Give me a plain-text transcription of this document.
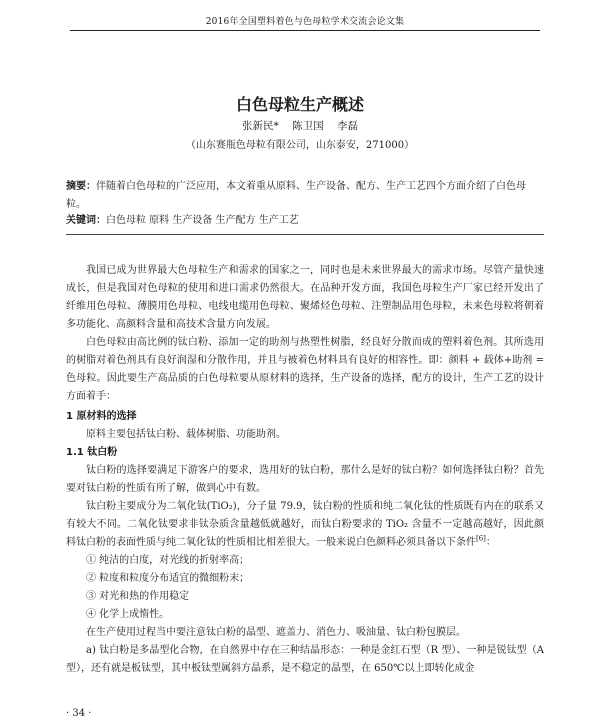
2016年全国塑料着色与色母粒学术交流会论文集
白色母粒生产概述
张新民* 陈卫国 李磊
（山东赛瓶色母粒有限公司，山东泰安，271000）
摘要：伴随着白色母粒的广泛应用，本文着重从原料、生产设备、配方、生产工艺四个方面介绍了白色母粒。
关键词：白色母粒 原料 生产设备 生产配方 生产工艺

我国已成为世界最大色母粒生产和需求的国家之一，同时也是未来世界最大的需求市场。尽管产量快速成长，但是我国对色母粒的使用和进口需求仍然很大。在品种开发方面，我国色母粒生产厂家已经开发出了纤维用色母粒、薄膜用色母粒、电线电缆用色母粒、聚烯烃色母粒、注塑制品用色母粒，未来色母粒将朝着多功能化、高颜料含量和高技术含量方向发展。

白色母粒由高比例的钛白粉、添加一定的助剂与热塑性树脂，经良好分散而成的塑料着色剂。其所选用的树脂对着色剂具有良好润湿和分散作用，并且与被着色材料具有良好的相容性。即：颜料 + 载体+助剂 = 色母粒。因此要生产高品质的白色母粒要从原材料的选择，生产设备的选择，配方的设计，生产工艺的设计方面着手：

1 原材料的选择

原料主要包括钛白粉、载体树脂、功能助剂。

1.1 钛白粉

钛白粉的选择要满足下游客户的要求，选用好的钛白粉，那什么是好的钛白粉？如何选择钛白粉？首先要对钛白粉的性质有所了解，做到心中有数。

钛白粉主要成分为二氧化钛(TiO₂)，分子量 79.9，钛白粉的性质和纯二氧化钛的性质既有内在的联系又有较大不同。二氧化钛要求非钛杂质含量越低就越好，而钛白粉要求的 TiO₂ 含量不一定越高越好，因此颜料钛白粉的表面性质与纯二氧化钛的性质相比相差很大。一般来说白色颜料必须具备以下条件[6]：

① 纯洁的白度，对光线的折射率高；

② 粒度和粒度分布适宜的微细粉末；

③ 对光和热的作用稳定

④ 化学上成惰性。

在生产使用过程当中要注意钛白粉的晶型、遮盖力、消色力、吸油量、钛白粉包膜层。

a) 钛白粉是多晶型化合物，在自然界中存在三种结晶形态：一种是金红石型（R 型）、一种是锐钛型（A 型），还有就是板钛型，其中板钛型属斜方晶系，是不稳定的晶型，在 650℃以上即转化成金

· 34 ·
